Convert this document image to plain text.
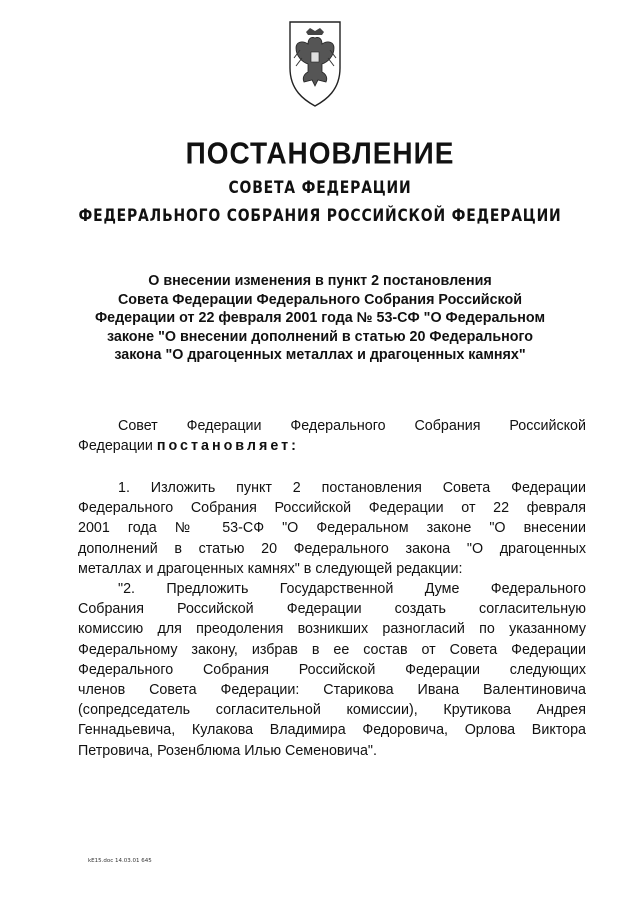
ПОСТАНОВЛЕНИЕ
СОВЕТА ФЕДЕРАЦИИ
ФЕДЕРАЛЬНОГО СОБРАНИЯ РОССИЙСКОЙ ФЕДЕРАЦИИ
О внесении изменения в пункт 2 постановления
Совета Федерации Федерального Собрания Российской
Федерации от 22 февраля 2001 года № 53-СФ "О Федеральном
законе "О внесении дополнений в статью 20 Федерального
закона "О драгоценных металлах и драгоценных камнях"
Совет Федерации Федерального Собрания Российской
Федерации постановляет:
1. Изложить пункт 2 постановления Совета Федерации
Федерального Собрания Российской Федерации от 22 февраля
2001 года № 53-СФ "О Федеральном законе "О внесении
дополнений в статью 20 Федерального закона "О драгоценных
металлах и драгоценных камнях" в следующей редакции:
"2. Предложить Государственной Думе Федерального
Собрания Российской Федерации создать согласительную
комиссию для преодоления возникших разногласий по указанному
Федеральному закону, избрав в ее состав от Совета Федерации
Федерального Собрания Российской Федерации следующих
членов Совета Федерации: Старикова Ивана Валентиновича
(сопредседатель согласительной комиссии), Крутикова Андрея
Геннадьевича, Кулакова Владимира Федоровича, Орлова Виктора
Петровича, Розенблюма Илью Семеновича".
kE15.doc 14.03.01 645
